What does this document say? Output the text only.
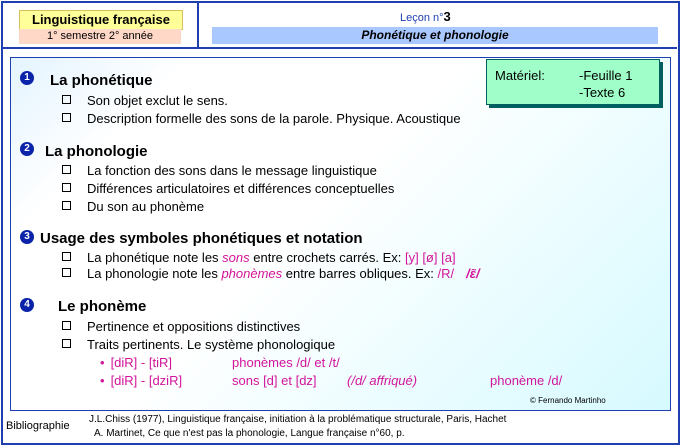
Linguistique française
1° semestre 2° année
Leçon n°3
Phonétique et phonologie
Matériel:	-Feuille 1
-Texte 6
1 La phonétique
Son objet exclut le sens.
Description formelle des sons de la parole. Physique. Acoustique
2 La phonologie
La fonction des sons dans le message linguistique
Différences articulatoires et différences conceptuelles
Du son au phonème
3 Usage des symboles phonétiques et notation
La phonétique note les sons entre crochets carrés. Ex: [y] [ø] [a]
La phonologie note les phonèmes entre barres obliques. Ex: /R/ /ɛ̃/
4 Le phonème
Pertinence et oppositions distinctives
Traits pertinents. Le système phonologique
• [diR] - [tiR]	phonèmes /d/ et /t/
• [diR] - [dziR]	sons [d] et [dz] (/d/ affriqué)	phonème /d/
© Fernando Martinho
Bibliographie
J.L.Chiss (1977), Linguistique française, initiation à la problématique structurale, Paris, Hachet
A. Martinet, Ce que n'est pas la phonologie, Langue française n°60, p.
